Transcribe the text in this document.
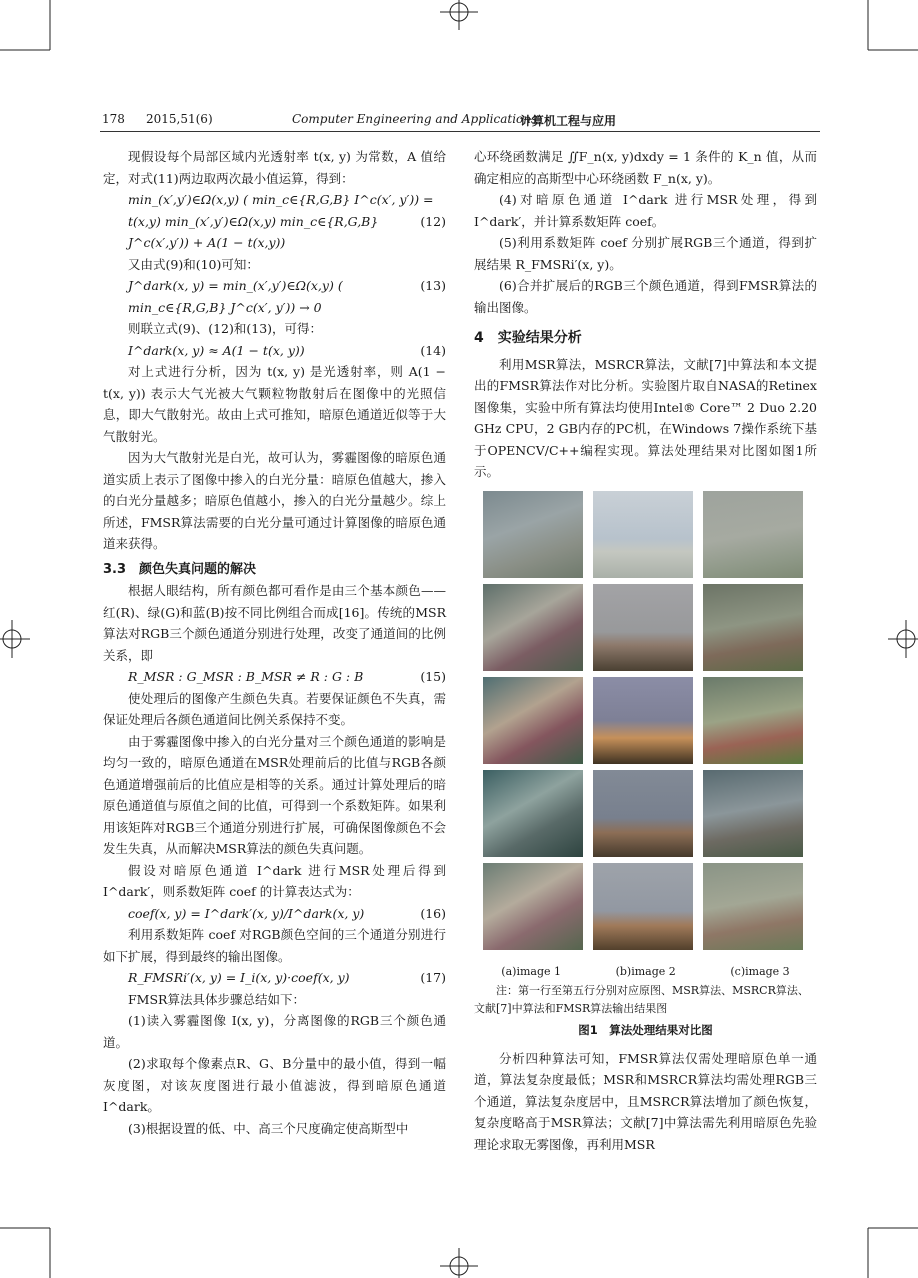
178 2015,51(6)	Computer Engineering and Applications
计算机工程与应用

现假设每个局部区域内光透射率 t(x, y) 为常数，A 值给定，对式(11)两边取两次最小值运算，得到：

min_(x′,y′)∈Ω(x,y) ( min_c∈{R,G,B} I^c(x′, y′)) =
t(x,y) min_(x′,y′)∈Ω(x,y) min_c∈{R,G,B} J^c(x′,y′)) + A(1 − t(x,y))
(12)

又由式(9)和(10)可知：

J^dark(x, y) = min_(x′,y′)∈Ω(x,y) ( min_c∈{R,G,B} J^c(x′, y′)) → 0
(13)

则联立式(9)、(12)和(13)，可得：

I^dark(x, y) ≈ A(1 − t(x, y))	(14)

对上式进行分析，因为 t(x, y) 是光透射率，则 A(1 − t(x, y)) 表示大气光被大气颗粒物散射后在图像中的光照信息，即大气散射光。故由上式可推知，暗原色通道近似等于大气散射光。

因为大气散射光是白光，故可认为，雾霾图像的暗原色通道实质上表示了图像中掺入的白光分量：暗原色值越大，掺入的白光分量越多；暗原色值越小，掺入的白光分量越少。综上所述，FMSR算法需要的白光分量可通过计算图像的暗原色通道来获得。

3.3　颜色失真问题的解决

根据人眼结构，所有颜色都可看作是由三个基本颜色——红(R)、绿(G)和蓝(B)按不同比例组合而成[16]。传统的MSR算法对RGB三个颜色通道分别进行处理，改变了通道间的比例关系，即

R_MSR : G_MSR : B_MSR ≠ R : G : B	(15)

使处理后的图像产生颜色失真。若要保证颜色不失真，需保证处理后各颜色通道间比例关系保持不变。

由于雾霾图像中掺入的白光分量对三个颜色通道的影响是均匀一致的，暗原色通道在MSR处理前后的比值与RGB各颜色通道增强前后的比值应是相等的关系。通过计算处理后的暗原色通道值与原值之间的比值，可得到一个系数矩阵。如果利用该矩阵对RGB三个通道分别进行扩展，可确保图像颜色不会发生失真，从而解决MSR算法的颜色失真问题。

假设对暗原色通道 I^dark 进行MSR处理后得到 I^dark′，则系数矩阵 coef 的计算表达式为：

coef(x, y) = I^dark′(x, y)/I^dark(x, y)	(16)

利用系数矩阵 coef 对RGB颜色空间的三个通道分别进行如下扩展，得到最终的输出图像。

R_FMSRi′(x, y) = I_i(x, y)·coef(x, y)	(17)

FMSR算法具体步骤总结如下：

(1)读入雾霾图像 I(x, y)，分离图像的RGB三个颜色通道。

(2)求取每个像素点R、G、B分量中的最小值，得到一幅灰度图，对该灰度图进行最小值滤波，得到暗原色通道 I^dark。

(3)根据设置的低、中、高三个尺度确定使高斯型中

心环绕函数满足 ∬F_n(x, y)dxdy = 1 条件的 K_n 值，从而确定相应的高斯型中心环绕函数 F_n(x, y)。

(4)对暗原色通道 I^dark 进行MSR处理，得到 I^dark′，并计算系数矩阵 coef。

(5)利用系数矩阵 coef 分别扩展RGB三个通道，得到扩展结果 R_FMSRi′(x, y)。

(6)合并扩展后的RGB三个颜色通道，得到FMSR算法的输出图像。

4　实验结果分析

利用MSR算法，MSRCR算法，文献[7]中算法和本文提出的FMSR算法作对比分析。实验图片取自NASA的Retinex图像集，实验中所有算法均使用Intel® Core™ 2 Duo 2.20 GHz CPU，2 GB内存的PC机，在Windows 7操作系统下基于OPENCV/C++编程实现。算法处理结果对比图如图1所示。

(a)image 1	(b)image 2	(c)image 3

注：第一行至第五行分别对应原图、MSR算法、MSRCR算法、文献[7]中算法和FMSR算法输出结果图

图1　算法处理结果对比图

分析四种算法可知，FMSR算法仅需处理暗原色单一通道，算法复杂度最低；MSR和MSRCR算法均需处理RGB三个通道，算法复杂度居中，且MSRCR算法增加了颜色恢复，复杂度略高于MSR算法；文献[7]中算法需先利用暗原色先验理论求取无雾图像，再利用MSR
